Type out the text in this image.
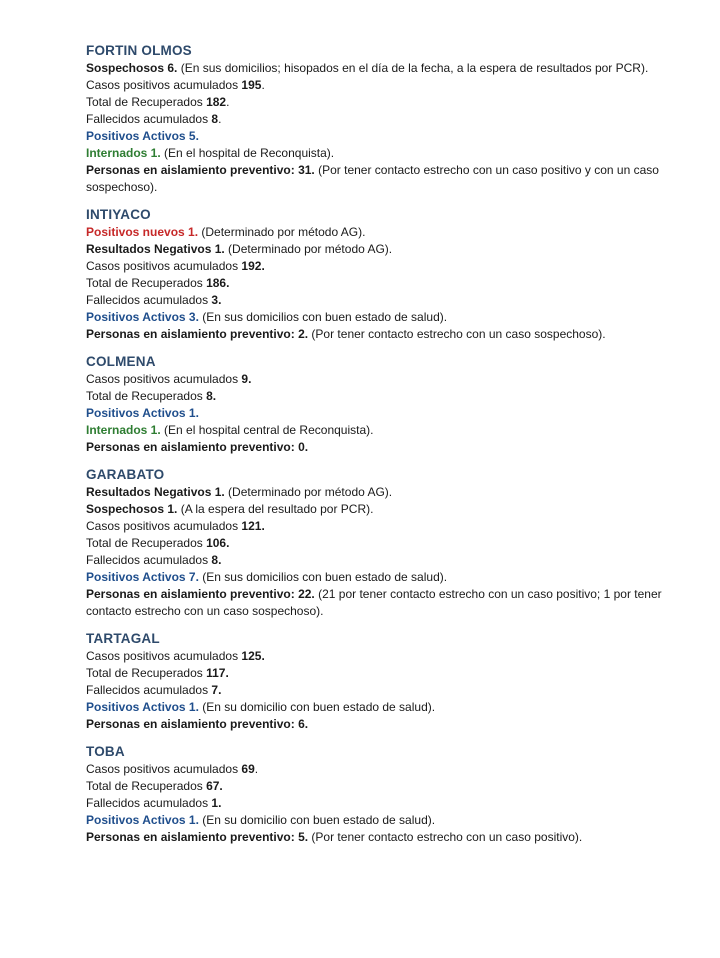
FORTIN OLMOS
Sospechosos 6. (En sus domicilios; hisopados en el día de la fecha, a la espera de resultados por PCR).
Casos positivos acumulados 195.
Total de Recuperados 182.
Fallecidos acumulados 8.
Positivos Activos 5.
Internados 1. (En el hospital de Reconquista).
Personas en aislamiento preventivo: 31. (Por tener contacto estrecho con un caso positivo y con un caso sospechoso).
INTIYACO
Positivos nuevos 1. (Determinado por método AG).
Resultados Negativos 1. (Determinado por método AG).
Casos positivos acumulados 192.
Total de Recuperados 186.
Fallecidos acumulados 3.
Positivos Activos 3. (En sus domicilios con buen estado de salud).
Personas en aislamiento preventivo: 2. (Por tener contacto estrecho con un caso sospechoso).
COLMENA
Casos positivos acumulados 9.
Total de Recuperados 8.
Positivos Activos 1.
Internados 1. (En el hospital central de Reconquista).
Personas en aislamiento preventivo: 0.
GARABATO
Resultados Negativos 1. (Determinado por método AG).
Sospechosos 1. (A la espera del resultado por PCR).
Casos positivos acumulados 121.
Total de Recuperados 106.
Fallecidos acumulados 8.
Positivos Activos 7. (En sus domicilios con buen estado de salud).
Personas en aislamiento preventivo: 22. (21 por tener contacto estrecho con un caso positivo; 1 por tener contacto estrecho con un caso sospechoso).
TARTAGAL
Casos positivos acumulados 125.
Total de Recuperados 117.
Fallecidos acumulados 7.
Positivos Activos 1. (En su domicilio con buen estado de salud).
Personas en aislamiento preventivo: 6.
TOBA
Casos positivos acumulados 69.
Total de Recuperados 67.
Fallecidos acumulados 1.
Positivos Activos 1. (En su domicilio con buen estado de salud).
Personas en aislamiento preventivo: 5. (Por tener contacto estrecho con un caso positivo).
